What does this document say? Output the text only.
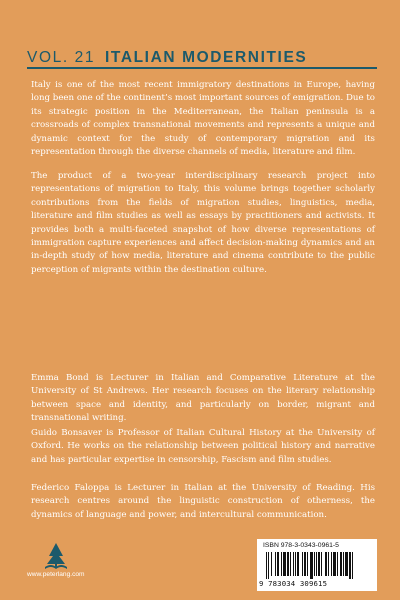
VOL. 21 ITALIAN MODERNITIES

Italy is one of the most recent immigratory destinations in Europe, having long been one of the continent’s most important sources of emigration. Due to its strategic position in the Mediterranean, the Italian peninsula is a crossroads of complex transnational movements and represents a unique and dynamic context for the study of contemporary migration and its representation through the diverse channels of media, literature and film.

The product of a two-year interdisciplinary research project into representations of migration to Italy, this volume brings together scholarly contributions from the fields of migration studies, linguistics, media, literature and film studies as well as essays by practitioners and activists. It provides both a multi-faceted snapshot of how diverse representations of immigration capture experiences and affect decision-making dynamics and an in-depth study of how media, literature and cinema contribute to the public perception of migrants within the destination culture.

Emma Bond is Lecturer in Italian and Comparative Literature at the University of St Andrews. Her research focuses on the literary relationship between space and identity, and particularly on border, migrant and transnational writing.

Guido Bonsaver is Professor of Italian Cultural History at the University of Oxford. He works on the relationship between political history and narrative and has particular expertise in censorship, Fascism and film studies.

Federico Faloppa is Lecturer in Italian at the University of Reading. His research centres around the linguistic construction of otherness, the dynamics of language and power, and intercultural communication.

www.peterlang.com
ISBN 978-3-0343-0961-5
9 783034 309615
